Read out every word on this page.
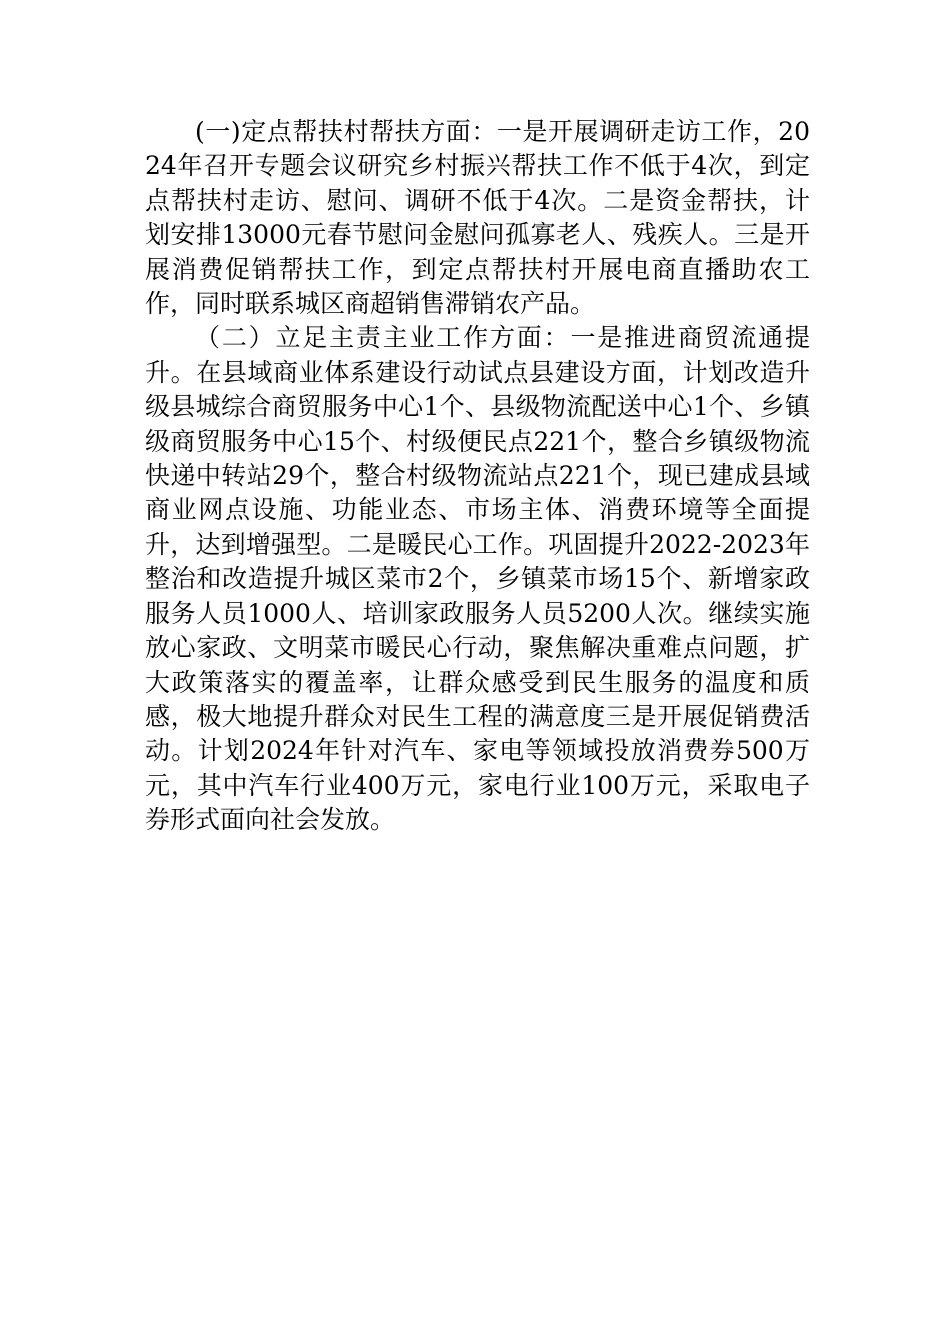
(一)定点帮扶村帮扶方面：一是开展调研走访工作，2024年召开专题会议研究乡村振兴帮扶工作不低于4次，到定点帮扶村走访、慰问、调研不低于4次。二是资金帮扶，计划安排13000元春节慰问金慰问孤寡老人、残疾人。三是开展消费促销帮扶工作，到定点帮扶村开展电商直播助农工作，同时联系城区商超销售滞销农产品。

（二）立足主责主业工作方面：一是推进商贸流通提升。在县域商业体系建设行动试点县建设方面，计划改造升级县城综合商贸服务中心1个、县级物流配送中心1个、乡镇级商贸服务中心15个、村级便民点221个，整合乡镇级物流快递中转站29个，整合村级物流站点221个，现已建成县域商业网点设施、功能业态、市场主体、消费环境等全面提升，达到增强型。二是暖民心工作。巩固提升2022-2023年整治和改造提升城区菜市2个，乡镇菜市场15个、新增家政服务人员1000人、培训家政服务人员5200人次。继续实施放心家政、文明菜市暖民心行动，聚焦解决重难点问题，扩大政策落实的覆盖率，让群众感受到民生服务的温度和质感，极大地提升群众对民生工程的满意度三是开展促销费活动。计划2024年针对汽车、家电等领域投放消费券500万元，其中汽车行业400万元，家电行业100万元，采取电子券形式面向社会发放。
